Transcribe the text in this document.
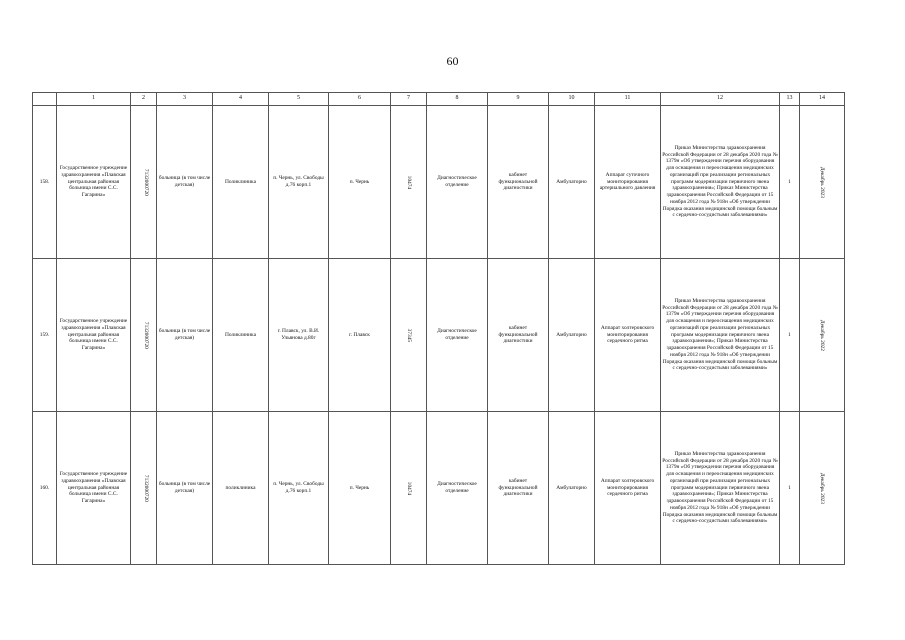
60
	1	2	3	4	5	6	7	8	9	10	11	12	13	14
158.	Государственное учреждение здравоохранения «Плавская центральная районная больница имени С.С. Гагарина»	7132000720	больница (в том числе детская)	Поликлиника	п. Чернь, ул. Свободы д.76 корп.1	п. Чернь	10474	Диагностическое отделение	кабинет функциональной диагностики	Амбулаторно	Аппарат суточного мониторирования артериального давления	Приказ Министерства здравоохранения Российской Федерации от 28 декабря 2020 года № 1379н «Об утверждении перечня оборудования для оснащения и переоснащения медицинских организаций при реализации региональных программ модернизации первичного звена здравоохранения»; Приказ Министерства здравоохранения Российской Федерации от 15 ноября 2012 года № 918н «Об утверждении Порядка оказания медицинской помощи больным с сердечно-сосудистыми заболеваниями»	1	Декабрь 2023
159.	Государственное учреждение здравоохранения «Плавская центральная районная больница имени С.С. Гагарина»	7132000720	больница (в том числе детская)	Поликлиника	г. Плавск, ул. В.И. Ульянова д.80г	г. Плавск	37345	Диагностическое отделение	кабинет функциональной диагностики	Амбулаторно	Аппарат холтеровского мониторирования сердечного ритма	Приказ Министерства здравоохранения Российской Федерации от 28 декабря 2020 года № 1379н «Об утверждении перечня оборудования для оснащения и переоснащения медицинских организаций при реализации региональных программ модернизации первичного звена здравоохранения»; Приказ Министерства здравоохранения Российской Федерации от 15 ноября 2012 года № 918н «Об утверждении Порядка оказания медицинской помощи больным с сердечно-сосудистыми заболеваниями»	1	Декабрь 2022
160.	Государственное учреждение здравоохранения «Плавская центральная районная больница имени С.С. Гагарина»	7132000720	больница (в том числе детская)	поликлиника	п. Чернь, ул. Свободы д.76 корп.1	п. Чернь	10474	Диагностическое отделение	кабинет функциональной диагностики	Амбулаторно	Аппарат холтеровского мониторирования сердечного ритма	Приказ Министерства здравоохранения Российской Федерации от 28 декабря 2020 года № 1379н «Об утверждении перечня оборудования для оснащения и переоснащения медицинских организаций при реализации региональных программ модернизации первичного звена здравоохранения»; Приказ Министерства здравоохранения Российской Федерации от 15 ноября 2012 года № 918н «Об утверждении Порядка оказания медицинской помощи больным с сердечно-сосудистыми заболеваниями»	1	Декабрь 2023
